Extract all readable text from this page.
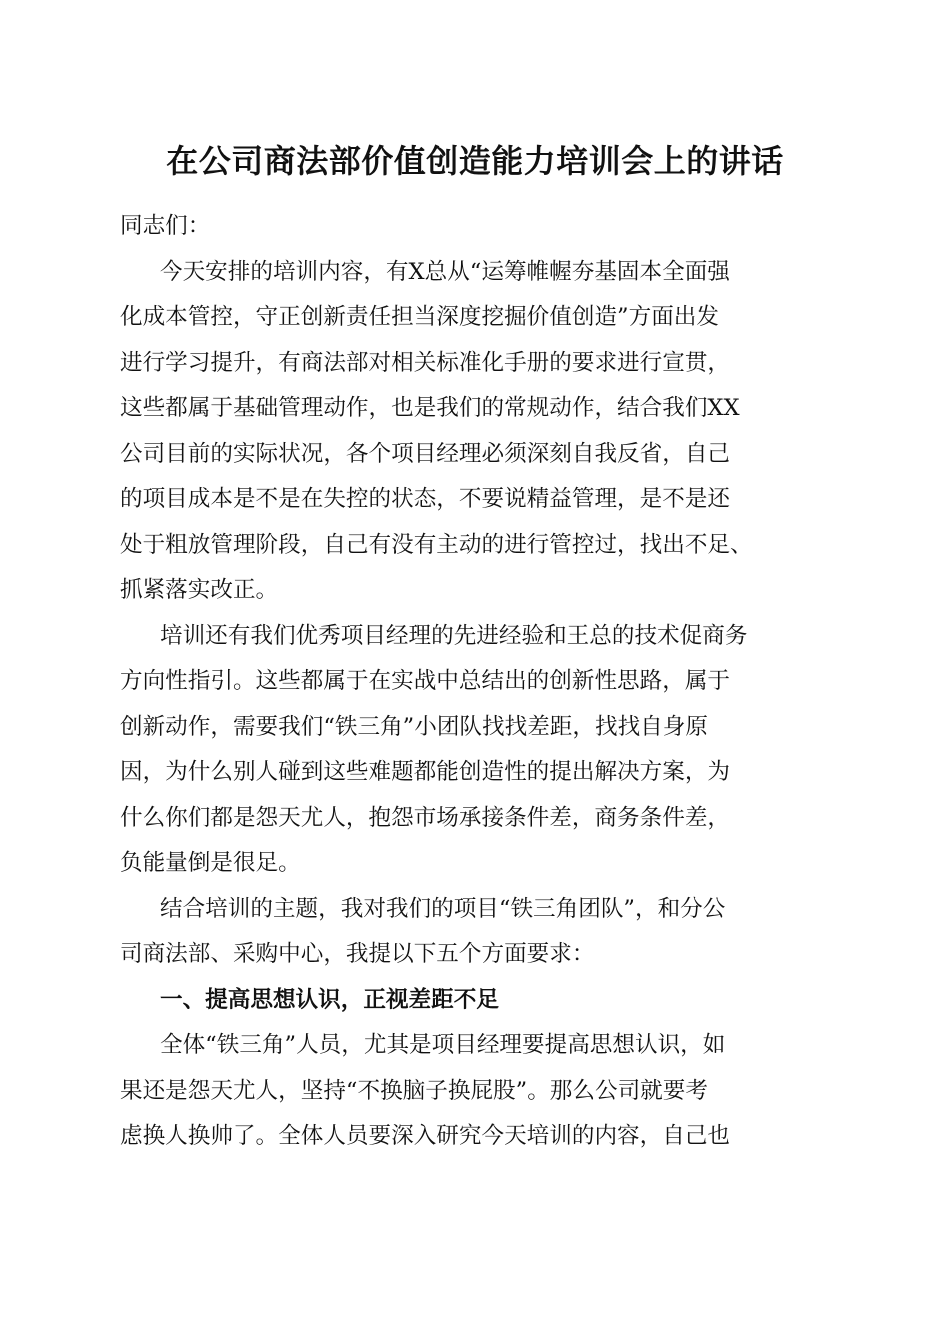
在公司商法部价值创造能力培训会上的讲话
同志们：
今天安排的培训内容，有X总从“运筹帷幄夯基固本全面强
化成本管控，守正创新责任担当深度挖掘价值创造”方面出发
进行学习提升，有商法部对相关标准化手册的要求进行宣贯，
这些都属于基础管理动作，也是我们的常规动作，结合我们XX
公司目前的实际状况，各个项目经理必须深刻自我反省，自己
的项目成本是不是在失控的状态，不要说精益管理，是不是还
处于粗放管理阶段，自己有没有主动的进行管控过，找出不足、
抓紧落实改正。
培训还有我们优秀项目经理的先进经验和王总的技术促商务
方向性指引。这些都属于在实战中总结出的创新性思路，属于
创新动作，需要我们“铁三角”小团队找找差距，找找自身原
因，为什么别人碰到这些难题都能创造性的提出解决方案，为
什么你们都是怨天尤人，抱怨市场承接条件差，商务条件差，
负能量倒是很足。
结合培训的主题，我对我们的项目“铁三角团队”，和分公
司商法部、采购中心，我提以下五个方面要求：
一、提高思想认识，正视差距不足
全体“铁三角”人员，尤其是项目经理要提高思想认识，如
果还是怨天尤人，坚持“不换脑子换屁股”。那么公司就要考
虑换人换帅了。全体人员要深入研究今天培训的内容，自己也
